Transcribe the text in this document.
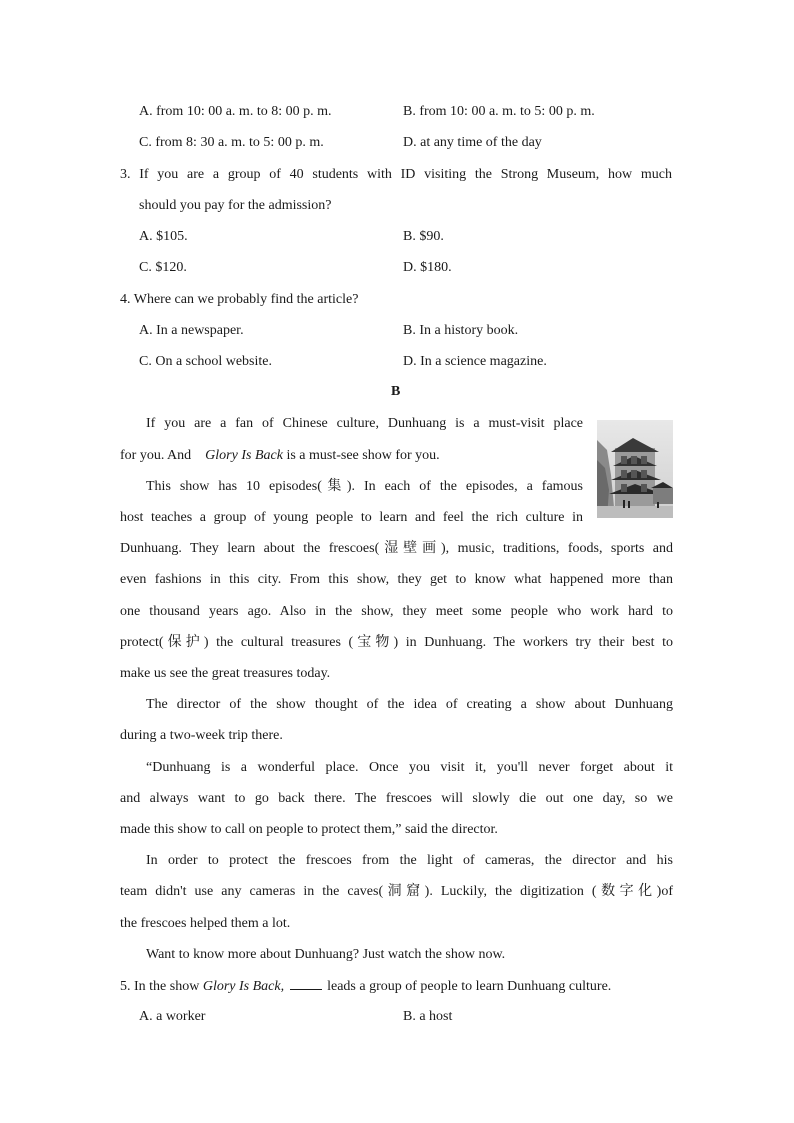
A. from 10: 00 a. m. to 8: 00 p. m.	B. from 10: 00 a. m. to 5: 00 p. m.
C. from 8: 30 a. m. to 5: 00 p. m.	D. at any time of the day
3. If you are a group of 40 students with ID visiting the Strong Museum, how much
should you pay for the admission?
A. $105.	B. $90.
C. $120.	D. $180.
4. Where can we probably find the article?
A. In a newspaper.	B. In a history book.
C. On a school website.	D. In a science magazine.
B
If you are a fan of Chinese culture, Dunhuang is a must-visit place
for you. And Glory Is Back is a must-see show for you.
This show has 10 episodes(集). In each of the episodes, a famous
host teaches a group of young people to learn and feel the rich culture in
Dunhuang. They learn about the frescoes(湿壁画), music, traditions, foods, sports and
even fashions in this city. From this show, they get to know what happened more than
one thousand years ago. Also in the show, they meet some people who work hard to
protect(保护) the cultural treasures (宝物) in Dunhuang. The workers try their best to
make us see the great treasures today.
The director of the show thought of the idea of creating a show about Dunhuang
during a two-week trip there.
“Dunhuang is a wonderful place. Once you visit it, you'll never forget about it
and always want to go back there. The frescoes will slowly die out one day, so we
made this show to call on people to protect them,” said the director.
In order to protect the frescoes from the light of cameras, the director and his
team didn't use any cameras in the caves(洞窟). Luckily, the digitization (数字化)of
the frescoes helped them a lot.
Want to know more about Dunhuang? Just watch the show now.
5. In the show Glory Is Back,	leads a group of people to learn Dunhuang culture.
A. a worker	B. a host
